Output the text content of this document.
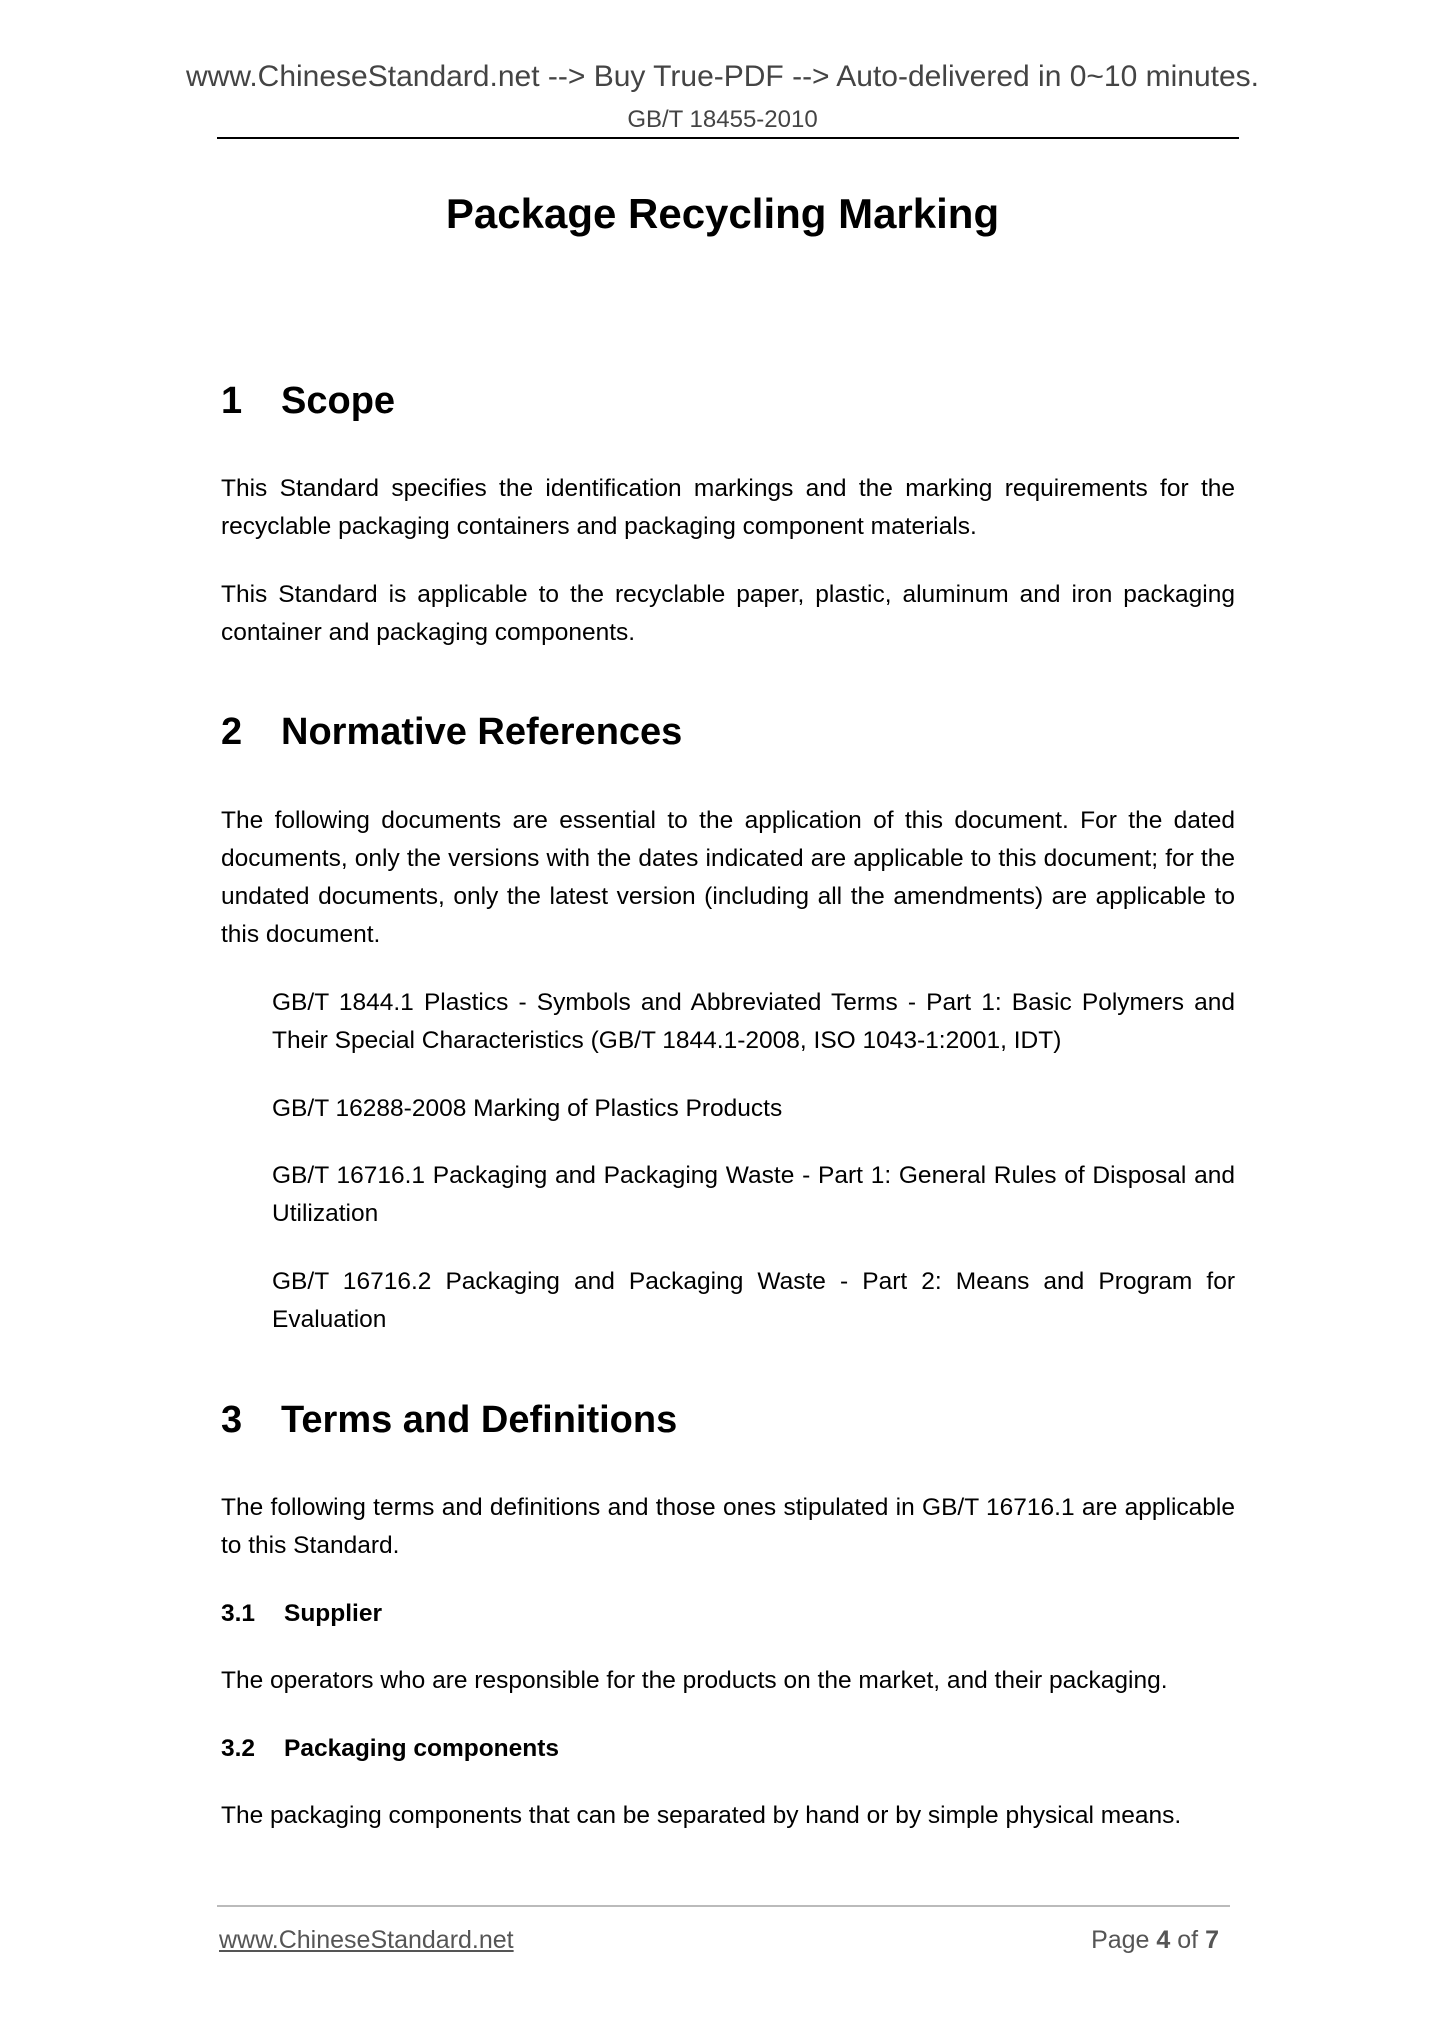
www.ChineseStandard.net --> Buy True-PDF --> Auto-delivered in 0~10 minutes.
GB/T 18455-2010
Package Recycling Marking
1 Scope
This Standard specifies the identification markings and the marking requirements for the recyclable packaging containers and packaging component materials.
This Standard is applicable to the recyclable paper, plastic, aluminum and iron packaging container and packaging components.
2 Normative References
The following documents are essential to the application of this document. For the dated documents, only the versions with the dates indicated are applicable to this document; for the undated documents, only the latest version (including all the amendments) are applicable to this document.
GB/T 1844.1 Plastics - Symbols and Abbreviated Terms - Part 1: Basic Polymers and Their Special Characteristics (GB/T 1844.1-2008, ISO 1043-1:2001, IDT)
GB/T 16288-2008 Marking of Plastics Products
GB/T 16716.1 Packaging and Packaging Waste - Part 1: General Rules of Disposal and Utilization
GB/T 16716.2 Packaging and Packaging Waste - Part 2: Means and Program for Evaluation
3 Terms and Definitions
The following terms and definitions and those ones stipulated in GB/T 16716.1 are applicable to this Standard.
3.1 Supplier
The operators who are responsible for the products on the market, and their packaging.
3.2 Packaging components
The packaging components that can be separated by hand or by simple physical means.
www.ChineseStandard.net	Page 4 of 7
